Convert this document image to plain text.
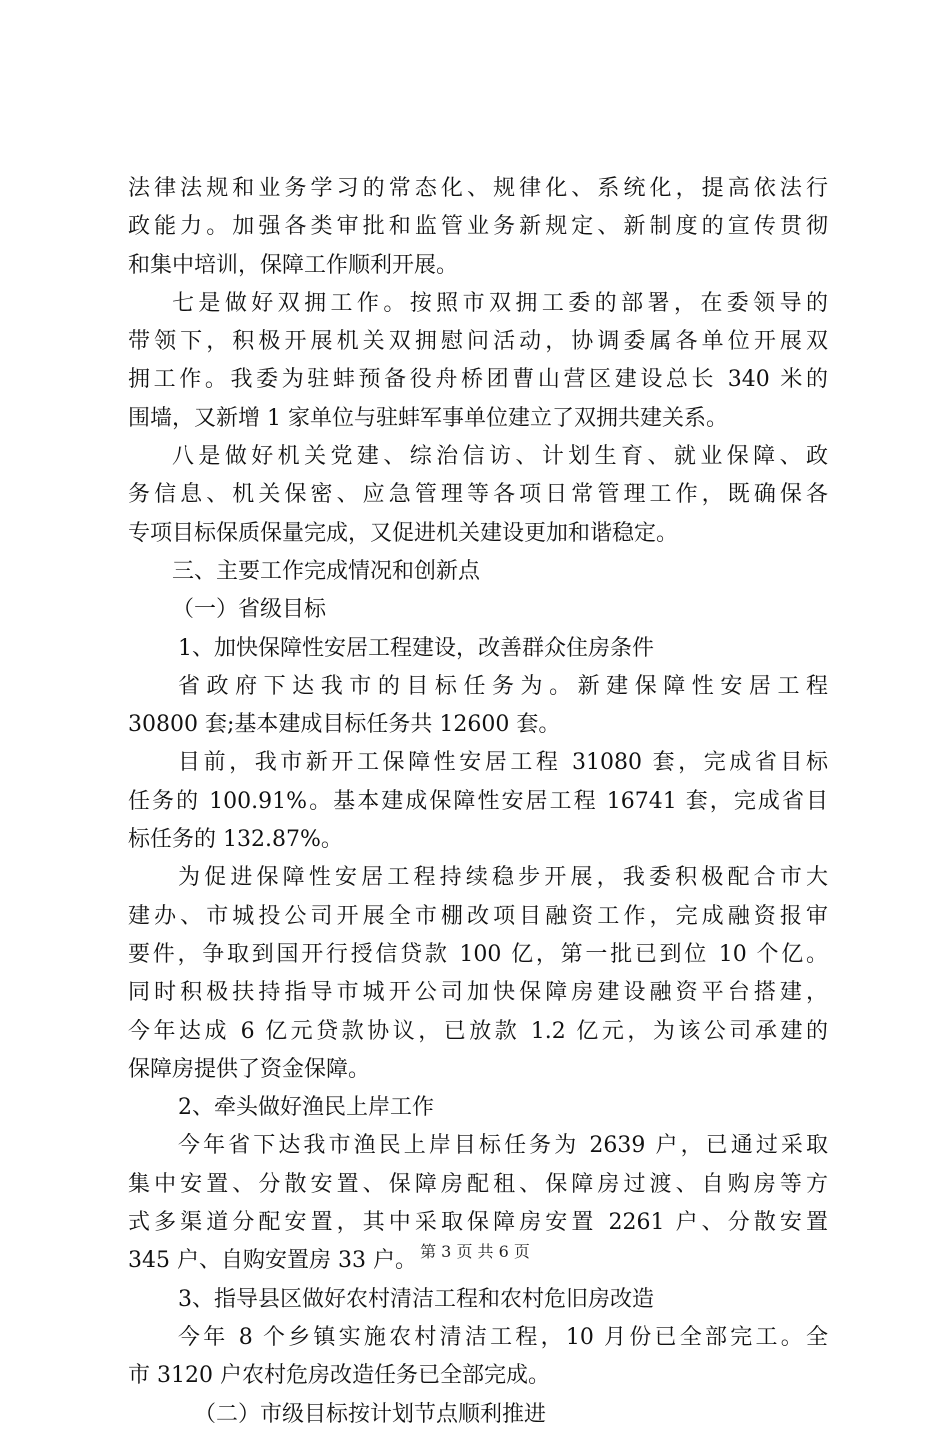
法律法规和业务学习的常态化、规律化、系统化，提高依法行
政能力。加强各类审批和监管业务新规定、新制度的宣传贯彻
和集中培训，保障工作顺利开展。
七是做好双拥工作。按照市双拥工委的部署，在委领导的
带领下，积极开展机关双拥慰问活动，协调委属各单位开展双
拥工作。我委为驻蚌预备役舟桥团曹山营区建设总长 340 米的
围墙，又新增 1 家单位与驻蚌军事单位建立了双拥共建关系。
八是做好机关党建、综治信访、计划生育、就业保障、政
务信息、机关保密、应急管理等各项日常管理工作，既确保各
专项目标保质保量完成，又促进机关建设更加和谐稳定。
三、主要工作完成情况和创新点
（一）省级目标
1、加快保障性安居工程建设，改善群众住房条件
省政府下达我市的目标任务为。新建保障性安居工程
30800 套;基本建成目标任务共 12600 套。
目前，我市新开工保障性安居工程 31080 套，完成省目标
任务的 100.91%。基本建成保障性安居工程 16741 套，完成省目
标任务的 132.87%。
为促进保障性安居工程持续稳步开展，我委积极配合市大
建办、市城投公司开展全市棚改项目融资工作，完成融资报审
要件，争取到国开行授信贷款 100 亿，第一批已到位 10 个亿。
同时积极扶持指导市城开公司加快保障房建设融资平台搭建，
今年达成 6 亿元贷款协议，已放款 1.2 亿元，为该公司承建的
保障房提供了资金保障。
2、牵头做好渔民上岸工作
今年省下达我市渔民上岸目标任务为 2639 户，已通过采取
集中安置、分散安置、保障房配租、保障房过渡、自购房等方
式多渠道分配安置，其中采取保障房安置 2261 户、分散安置
345 户、自购安置房 33 户。
3、指导县区做好农村清洁工程和农村危旧房改造
今年 8 个乡镇实施农村清洁工程，10 月份已全部完工。全
市 3120 户农村危房改造任务已全部完成。
（二）市级目标按计划节点顺利推进
第 3 页 共 6 页
